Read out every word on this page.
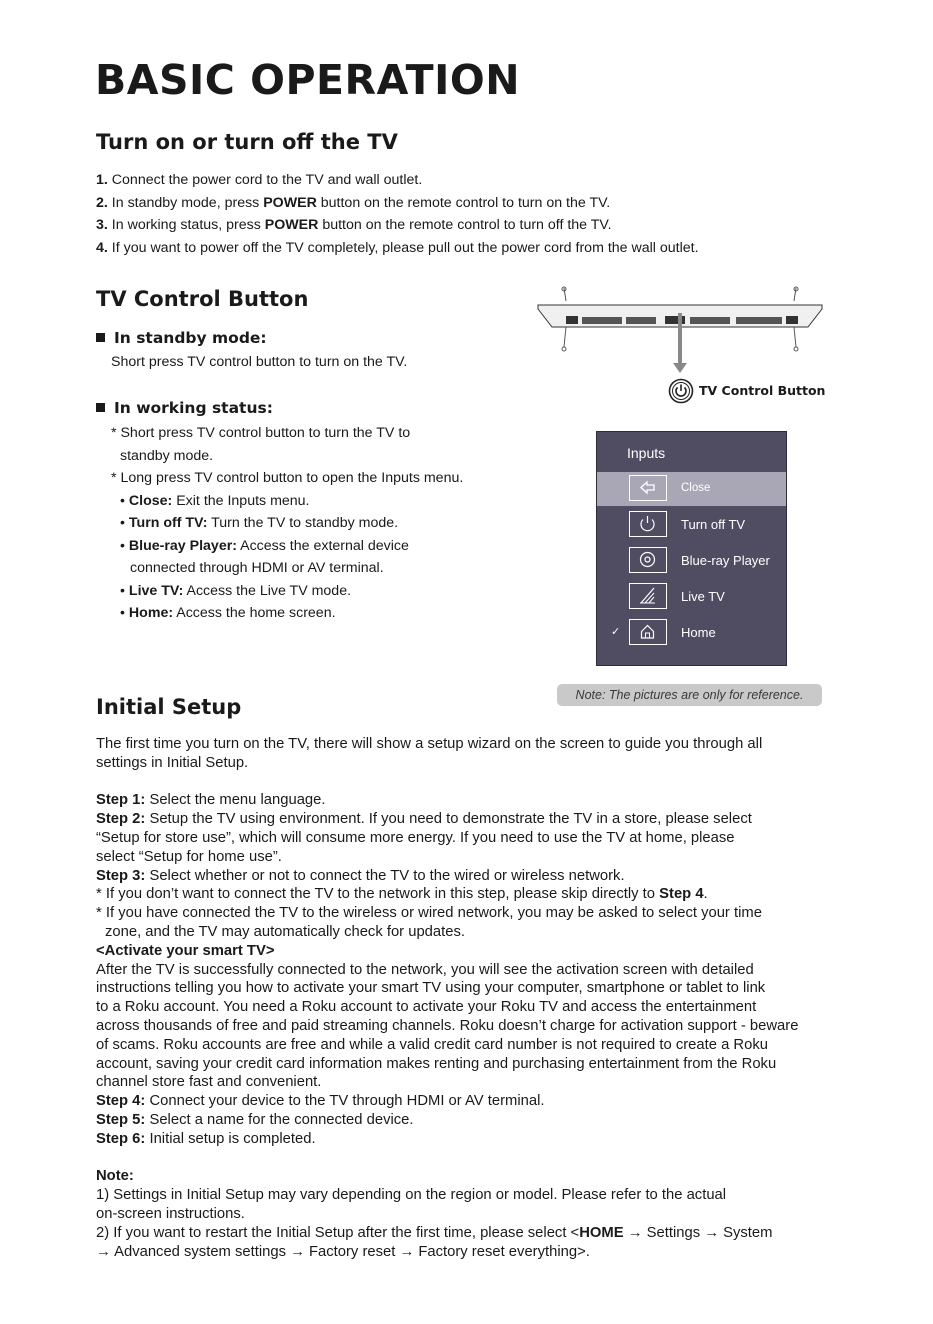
BASIC OPERATION
Turn on or turn off the TV
1. Connect the power cord to the TV and wall outlet.
2. In standby mode, press POWER button on the remote control to turn on the TV.
3. In working status, press POWER button on the remote control to turn off the TV.
4. If you want to power off the TV completely, please pull out the power cord from the wall outlet.
TV Control Button
In standby mode:
Short press TV control button to turn on the TV.
In working status:
* Short press TV control button to turn the TV to
standby mode.
* Long press TV control button to open the Inputs menu.
• Close: Exit the Inputs menu.
• Turn off TV: Turn the TV to standby mode.
• Blue-ray Player: Access the external device
connected through HDMI or AV terminal.
• Live TV: Access the Live TV mode.
• Home: Access the home screen.
TV Control Button
Inputs
Close
Turn off TV
Blue-ray Player
Live TV
✓	Home
Note: The pictures are only for reference.
Initial Setup
The first time you turn on the TV, there will show a setup wizard on the screen to guide you through all
settings in Initial Setup.
Step 1: Select the menu language.
Step 2: Setup the TV using environment. If you need to demonstrate the TV in a store, please select
“Setup for store use”, which will consume more energy. If you need to use the TV at home, please
select “Setup for home use”.
Step 3: Select whether or not to connect the TV to the wired or wireless network.
* If you don’t want to connect the TV to the network in this step, please skip directly to Step 4.
* If you have connected the TV to the wireless or wired network, you may be asked to select your time
zone, and the TV may automatically check for updates.
<Activate your smart TV>
After the TV is successfully connected to the network, you will see the activation screen with detailed
instructions telling you how to activate your smart TV using your computer, smartphone or tablet to link
to a Roku account. You need a Roku account to activate your Roku TV and access the entertainment
across thousands of free and paid streaming channels. Roku doesn’t charge for activation support - beware
of scams. Roku accounts are free and while a valid credit card number is not required to create a Roku
account, saving your credit card information makes renting and purchasing entertainment from the Roku
channel store fast and convenient.
Step 4: Connect your device to the TV through HDMI or AV terminal.
Step 5: Select a name for the connected device.
Step 6: Initial setup is completed.
Note:
1) Settings in Initial Setup may vary depending on the region or model. Please refer to the actual
on-screen instructions.
2) If you want to restart the Initial Setup after the first time, please select <HOME → Settings → System
→ Advanced system settings → Factory reset → Factory reset everything>.
